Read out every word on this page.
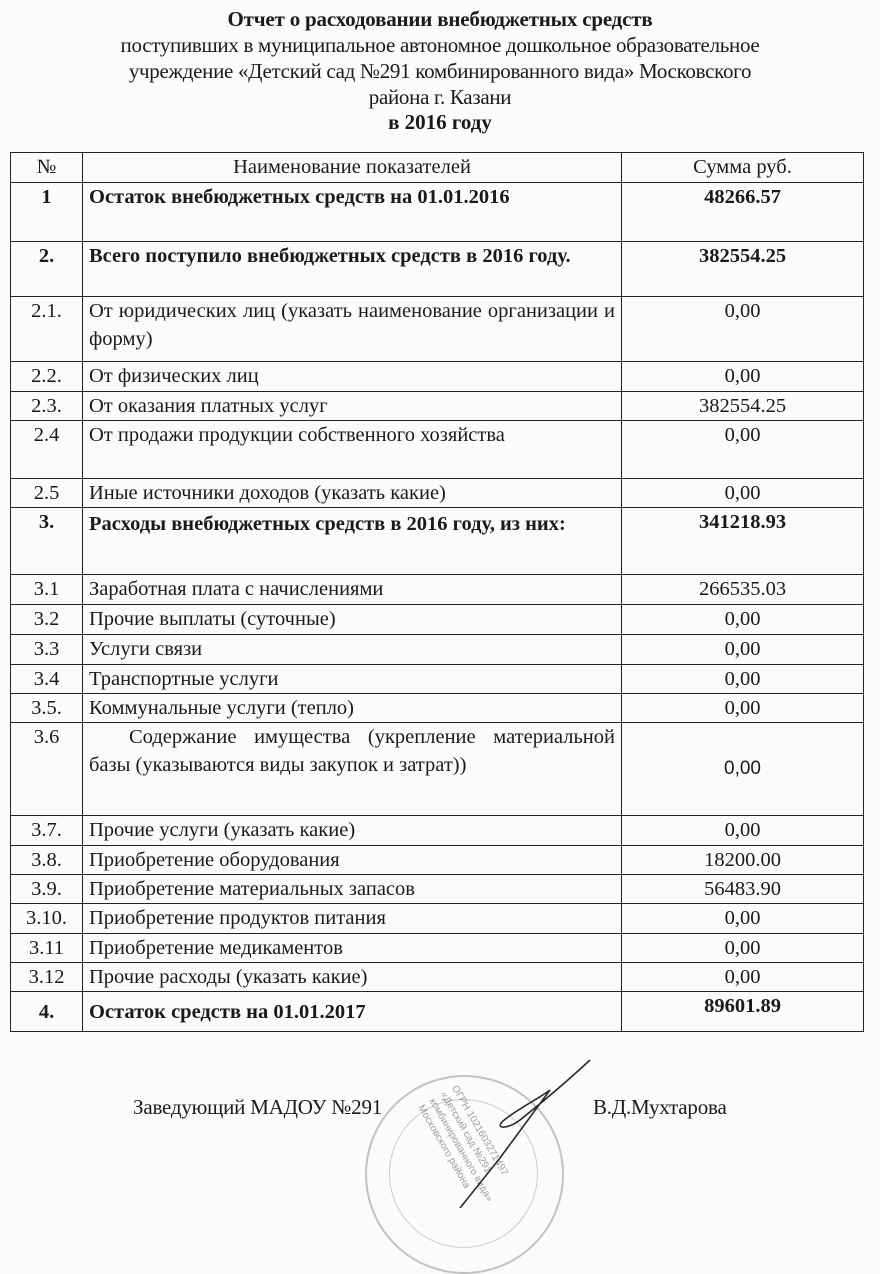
Отчет о расходовании внебюджетных средств
поступивших в муниципальное автономное дошкольное образовательное
учреждение «Детский сад №291 комбинированного вида» Московского
района г. Казани
в 2016 году
№	Наименование показателей	Сумма руб.
1	Остаток внебюджетных средств на 01.01.2016	48266.57
2.	Всего поступило внебюджетных средств в 2016 году.	382554.25
2.1.	От юридических лиц (указать наименование организации и форму)	0,00
2.2.	От физических лиц	0,00
2.3.	От оказания платных услуг	382554.25
2.4	От продажи продукции собственного хозяйства	0,00
2.5	Иные источники доходов (указать какие)	0,00
3.	Расходы внебюджетных средств в 2016 году, из них:	341218.93
3.1	Заработная плата с начислениями	266535.03
3.2	Прочие выплаты (суточные)	0,00
3.3	Услуги связи	0,00
3.4	Транспортные услуги	0,00
3.5.	Коммунальные услуги (тепло)	0,00
3.6	Содержание имущества (укрепление материальной базы (указываются виды закупок и затрат))	0,00
3.7.	Прочие услуги (указать какие)	0,00
3.8.	Приобретение оборудования	18200.00
3.9.	Приобретение материальных запасов	56483.90
3.10.	Приобретение продуктов питания	0,00
3.11	Приобретение медикаментов	0,00
3.12	Прочие расходы (указать какие)	0,00
4.	Остаток средств на 01.01.2017	89601.89
ОГРН 1021603271497 «Детский сад №291 комбинированного вида» Московского района
Заведующий МАДОУ №291	В.Д.Мухтарова
